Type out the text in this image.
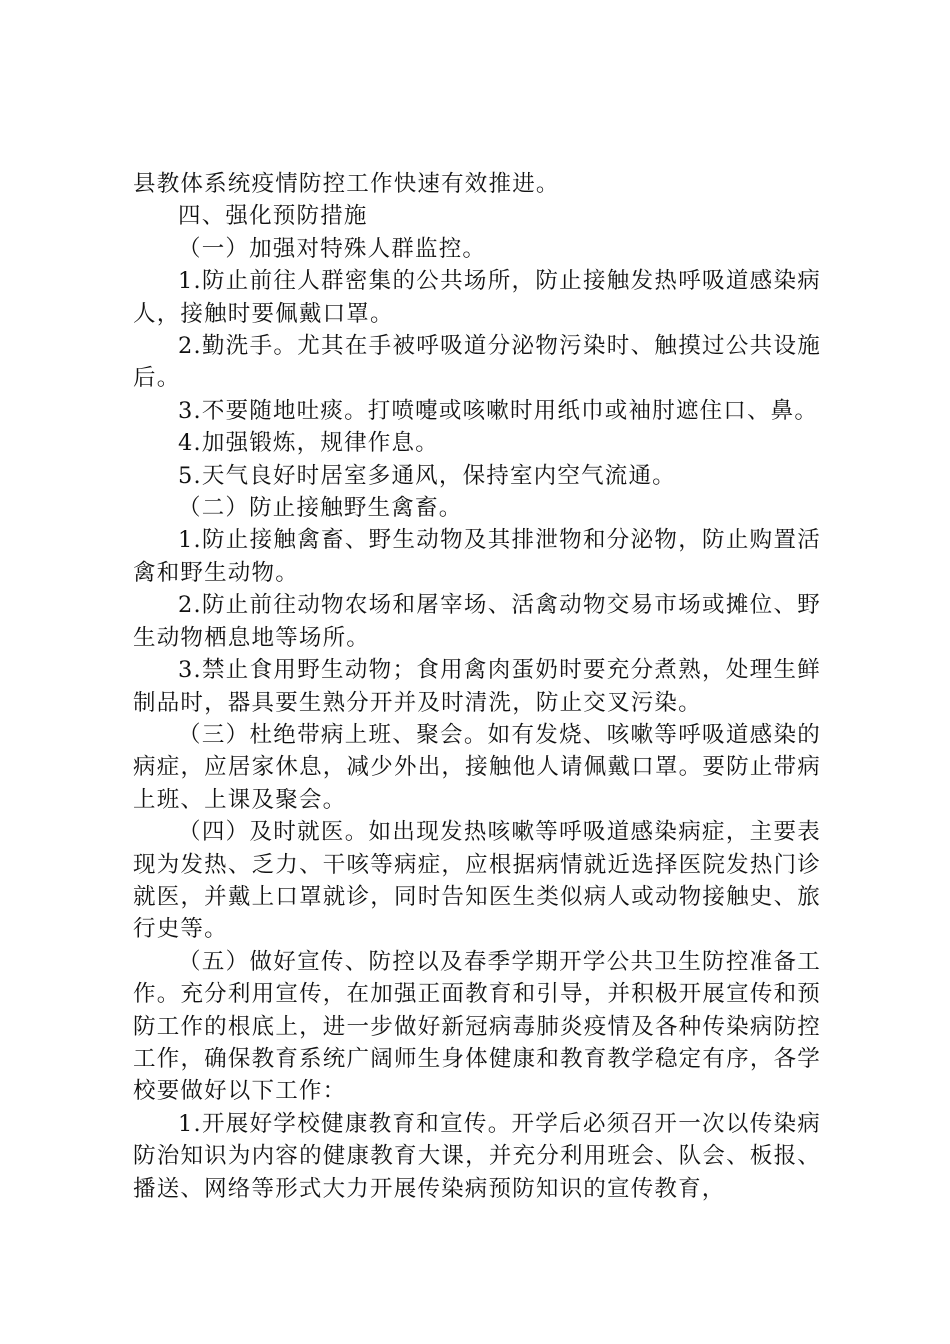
县教体系统疫情防控工作快速有效推进。

四、强化预防措施

（一）加强对特殊人群监控。

1.防止前往人群密集的公共场所，防止接触发热呼吸道感染病人，接触时要佩戴口罩。

2.勤洗手。尤其在手被呼吸道分泌物污染时、触摸过公共设施后。

3.不要随地吐痰。打喷嚏或咳嗽时用纸巾或袖肘遮住口、鼻。

4.加强锻炼，规律作息。

5.天气良好时居室多通风，保持室内空气流通。

（二）防止接触野生禽畜。

1.防止接触禽畜、野生动物及其排泄物和分泌物，防止购置活禽和野生动物。

2.防止前往动物农场和屠宰场、活禽动物交易市场或摊位、野生动物栖息地等场所。

3.禁止食用野生动物；食用禽肉蛋奶时要充分煮熟，处理生鲜制品时，器具要生熟分开并及时清洗，防止交叉污染。

（三）杜绝带病上班、聚会。如有发烧、咳嗽等呼吸道感染的病症，应居家休息，减少外出，接触他人请佩戴口罩。要防止带病上班、上课及聚会。

（四）及时就医。如出现发热咳嗽等呼吸道感染病症，主要表现为发热、乏力、干咳等病症，应根据病情就近选择医院发热门诊就医，并戴上口罩就诊，同时告知医生类似病人或动物接触史、旅行史等。

（五）做好宣传、防控以及春季学期开学公共卫生防控准备工作。充分利用宣传，在加强正面教育和引导，并积极开展宣传和预防工作的根底上，进一步做好新冠病毒肺炎疫情及各种传染病防控工作，确保教育系统广阔师生身体健康和教育教学稳定有序，各学校要做好以下工作：

1.开展好学校健康教育和宣传。开学后必须召开一次以传染病防治知识为内容的健康教育大课，并充分利用班会、队会、板报、播送、网络等形式大力开展传染病预防知识的宣传教育，
